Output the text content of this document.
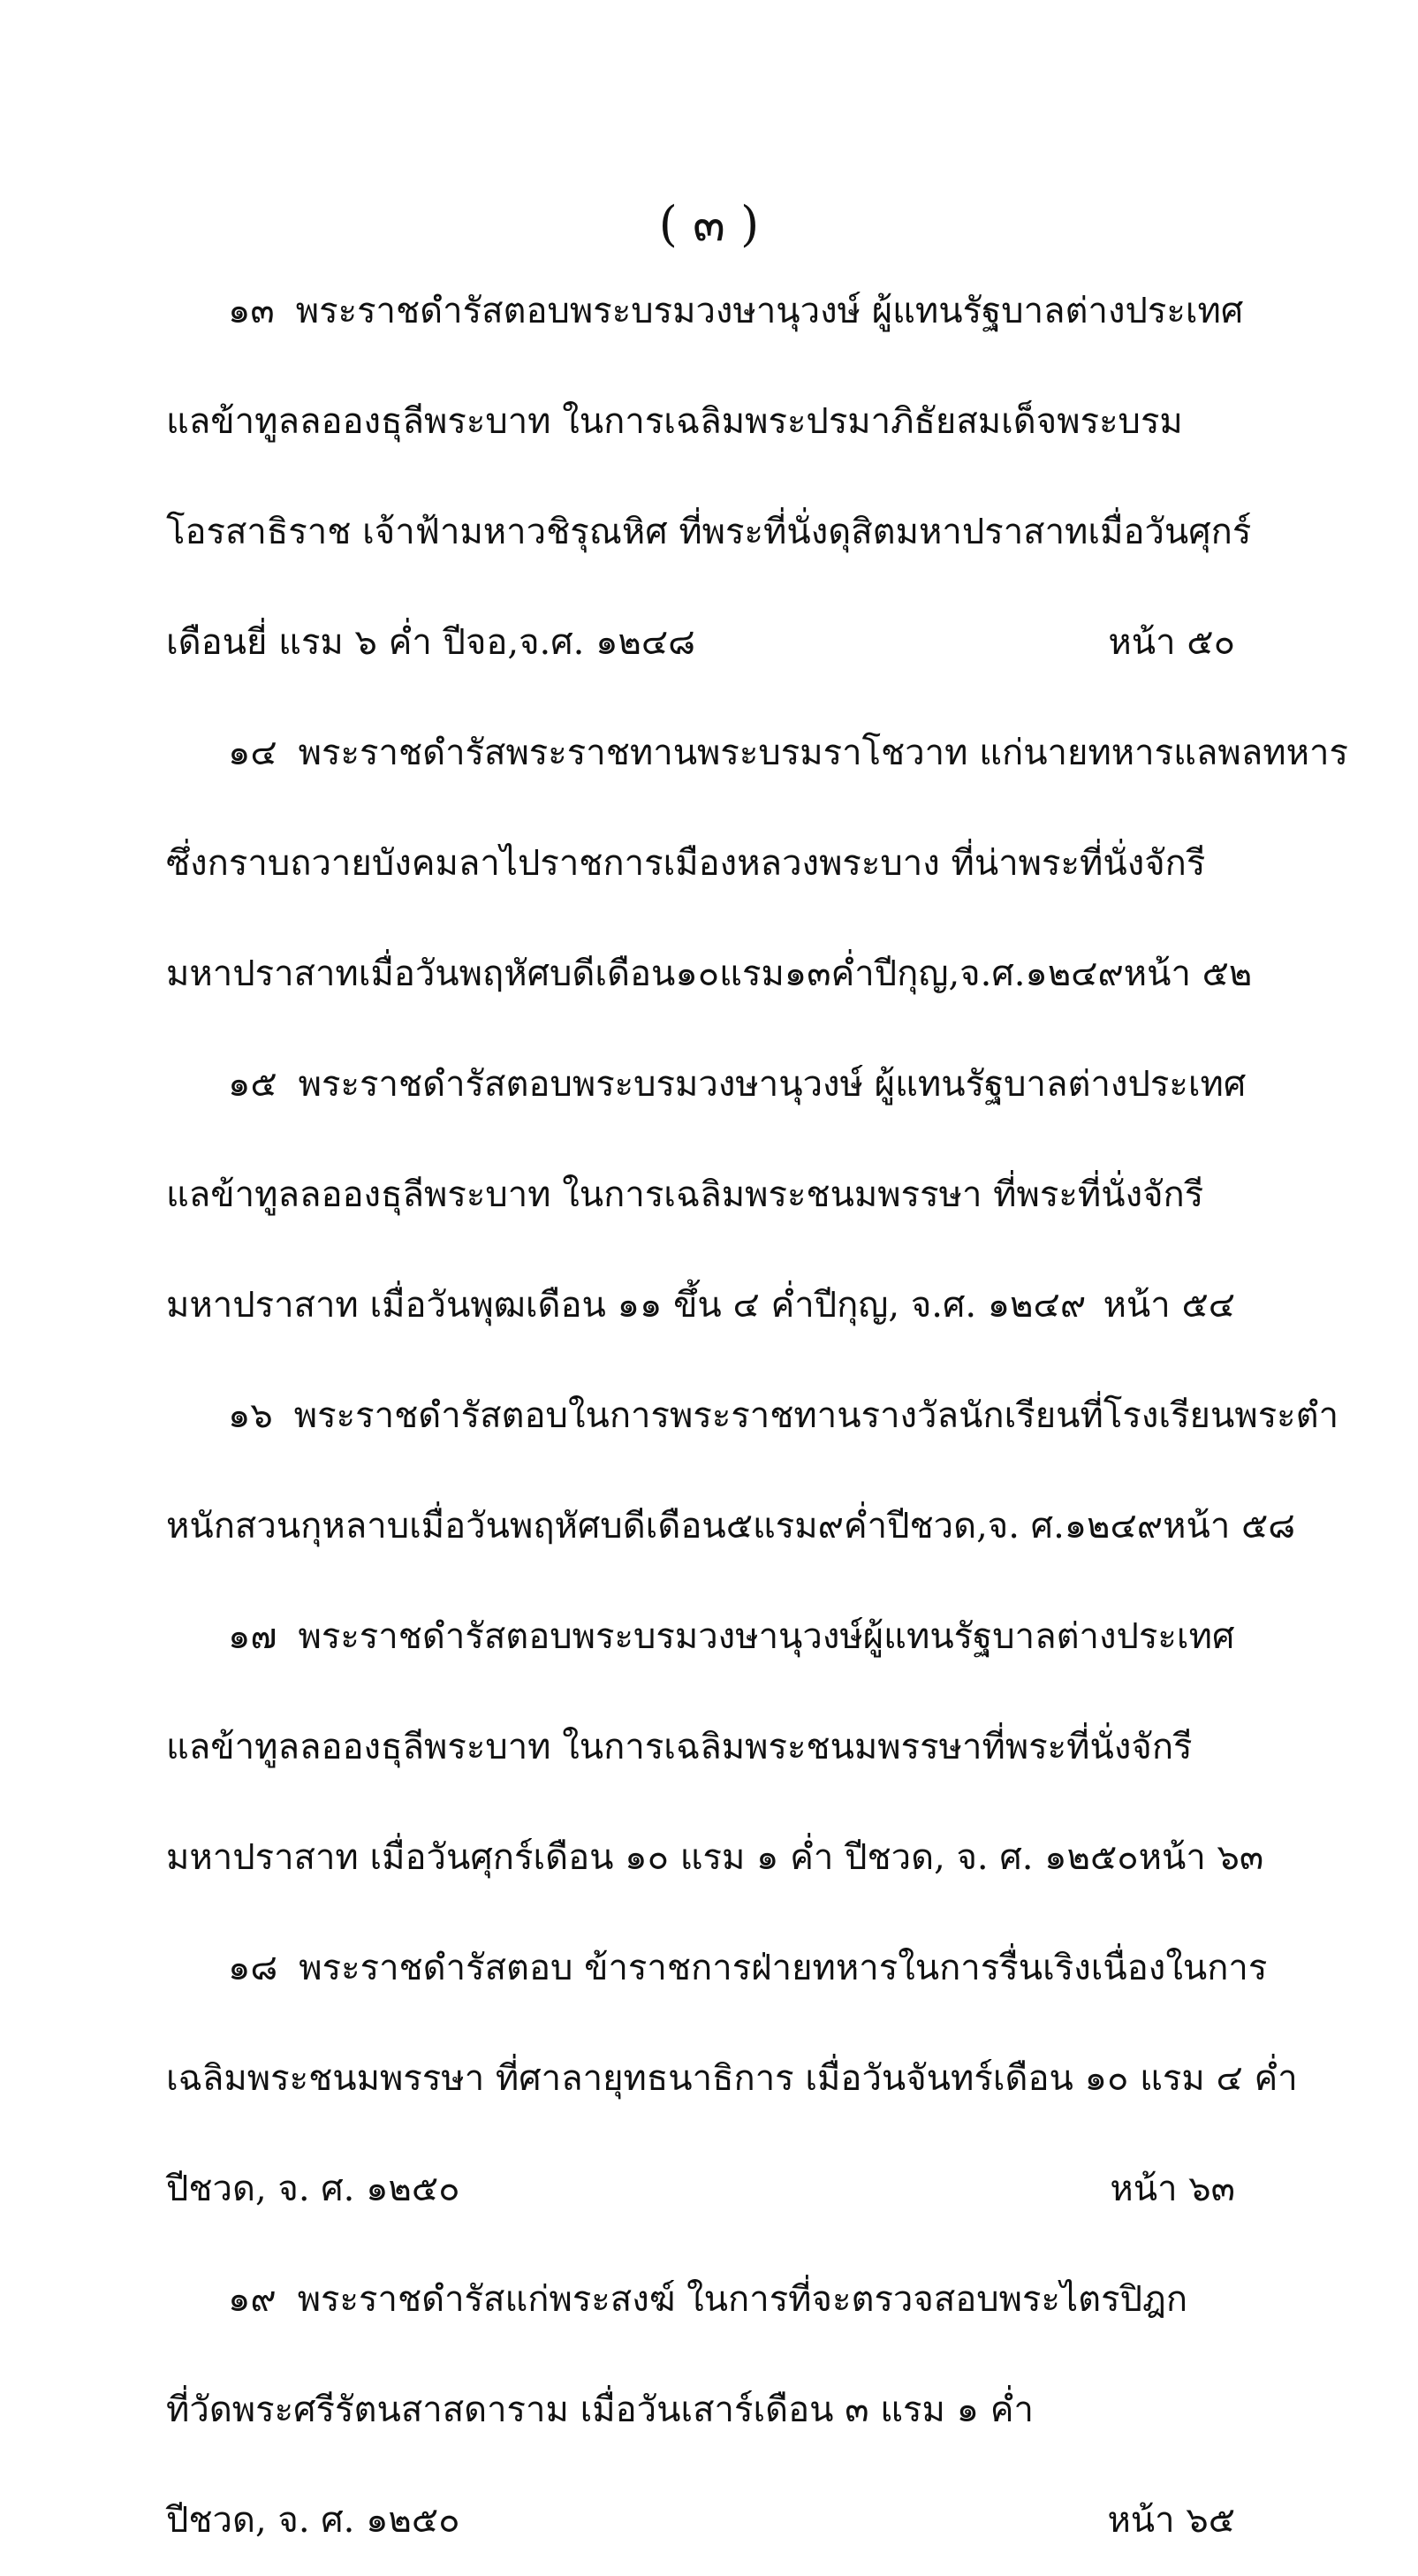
( ๓ )
๑๓ พระราชดำรัสตอบพระบรมวงษานุวงษ์ ผู้แทนรัฐบาลต่างประเทศ
แลข้าทูลลอองธุลีพระบาท ในการเฉลิมพระปรมาภิธัยสมเด็จพระบรม
โอรสาธิราช เจ้าฟ้ามหาวชิรุณหิศ ที่พระที่นั่งดุสิตมหาปราสาทเมื่อวันศุกร์
เดือนยี่ แรม ๖ ค่ำ ปีจอ,จ.ศ. ๑๒๔๘	หน้า ๕๐
๑๔ พระราชดำรัสพระราชทานพระบรมราโชวาท แก่นายทหารแลพลทหาร
ซึ่งกราบถวายบังคมลาไปราชการเมืองหลวงพระบาง ที่น่าพระที่นั่งจักรี
มหาปราสาทเมื่อวันพฤหัศบดีเดือน๑๐แรม๑๓ค่ำปีกุญ,จ.ศ.๑๒๔๙ หน้า ๕๒
๑๕ พระราชดำรัสตอบพระบรมวงษานุวงษ์ ผู้แทนรัฐบาลต่างประเทศ
แลข้าทูลลอองธุลีพระบาท ในการเฉลิมพระชนมพรรษา ที่พระที่นั่งจักรี
มหาปราสาท เมื่อวันพุฒเดือน ๑๑ ขึ้น ๔ ค่ำปีกุญ, จ.ศ. ๑๒๔๙ หน้า ๕๔
๑๖ พระราชดำรัสตอบในการพระราชทานรางวัลนักเรียนที่โรงเรียนพระตำ
หนักสวนกุหลาบเมื่อวันพฤหัศบดีเดือน๕แรม๙ค่ำปีชวด,จ. ศ.๑๒๔๙ หน้า ๕๘
๑๗ พระราชดำรัสตอบพระบรมวงษานุวงษ์ผู้แทนรัฐบาลต่างประเทศ
แลข้าทูลลอองธุลีพระบาท ในการเฉลิมพระชนมพรรษาที่พระที่นั่งจักรี
มหาปราสาท เมื่อวันศุกร์เดือน ๑๐ แรม ๑ ค่ำ ปีชวด, จ. ศ. ๑๒๕๐ หน้า ๖๓
๑๘ พระราชดำรัสตอบ ข้าราชการฝ่ายทหารในการรื่นเริงเนื่องในการ
เฉลิมพระชนมพรรษา ที่ศาลายุทธนาธิการ เมื่อวันจันทร์เดือน ๑๐ แรม ๔ ค่ำ
ปีชวด, จ. ศ. ๑๒๕๐	หน้า ๖๓
๑๙ พระราชดำรัสแก่พระสงฆ์ ในการที่จะตรวจสอบพระไตรปิฎก
ที่วัดพระศรีรัตนสาสดาราม เมื่อวันเสาร์เดือน ๓ แรม ๑ ค่ำ
ปีชวด, จ. ศ. ๑๒๕๐	หน้า ๖๕
